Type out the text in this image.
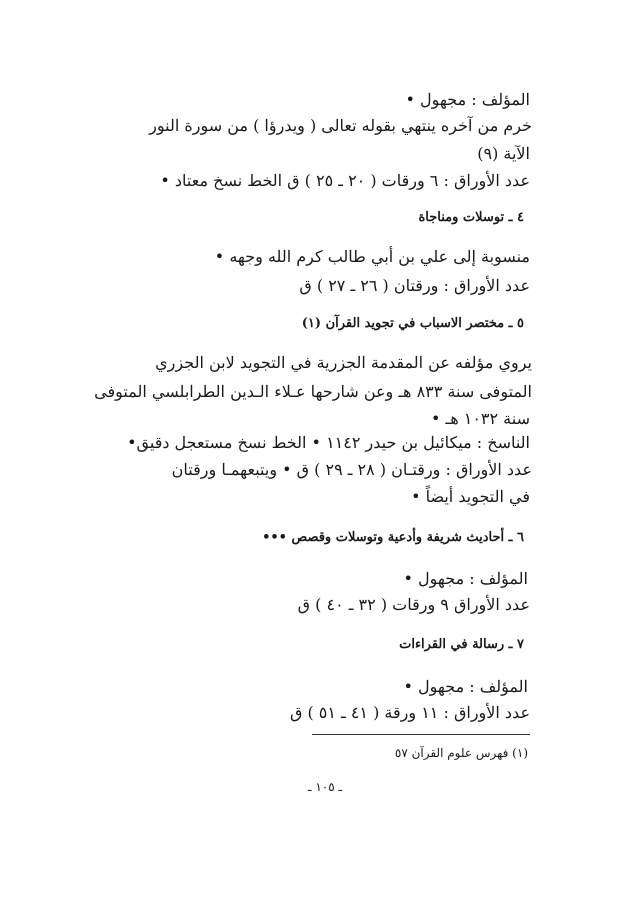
المؤلف : مجهول •
خرم من آخره ينتهي بقوله تعالى ( ويدرؤا ) من سورة النور
الآية (٩)
عدد الأوراق : ٦ ورقات ( ٢٠ ـ ٢٥ ) ق الخط نسخ معتاد •
٤ ـ توسلات ومناجاة
منسوبة إلى علي بن أبي طالب كرم الله وجهه •
عدد الأوراق : ورقتان ( ٢٦ ـ ٢٧ ) ق
٥ ـ مختصر الاسباب في تجويد القرآن (١)
يروي مؤلفه عن المقدمة الجزرية في التجويد لابن الجزري
المتوفى سنة ٨٣٣ هـ وعن شارحها عـلاء الـدين الطرابلسي المتوفى
سنة ١٠٣٢ هـ •
الناسخ : ميكائيل بن حيدر ١١٤٢ • الخط نسخ مستعجل دقيق•
عدد الأوراق : ورقتـان ( ٢٨ ـ ٢٩ ) ق • ويتبعهمـا ورقتان
في التجويد أيضاً •
٦ ـ أحاديث شريفة وأدعية وتوسلات وقصص •••
المؤلف : مجهول •
عدد الأوراق ٩ ورقات ( ٣٢ ـ ٤٠ ) ق
٧ ـ رسالة في القراءات
المؤلف : مجهول •
عدد الأوراق : ١١ ورقة ( ٤١ ـ ٥١ ) ق
(١) فهرس علوم القرآن ٥٧
ـ ١٠٥ ـ
